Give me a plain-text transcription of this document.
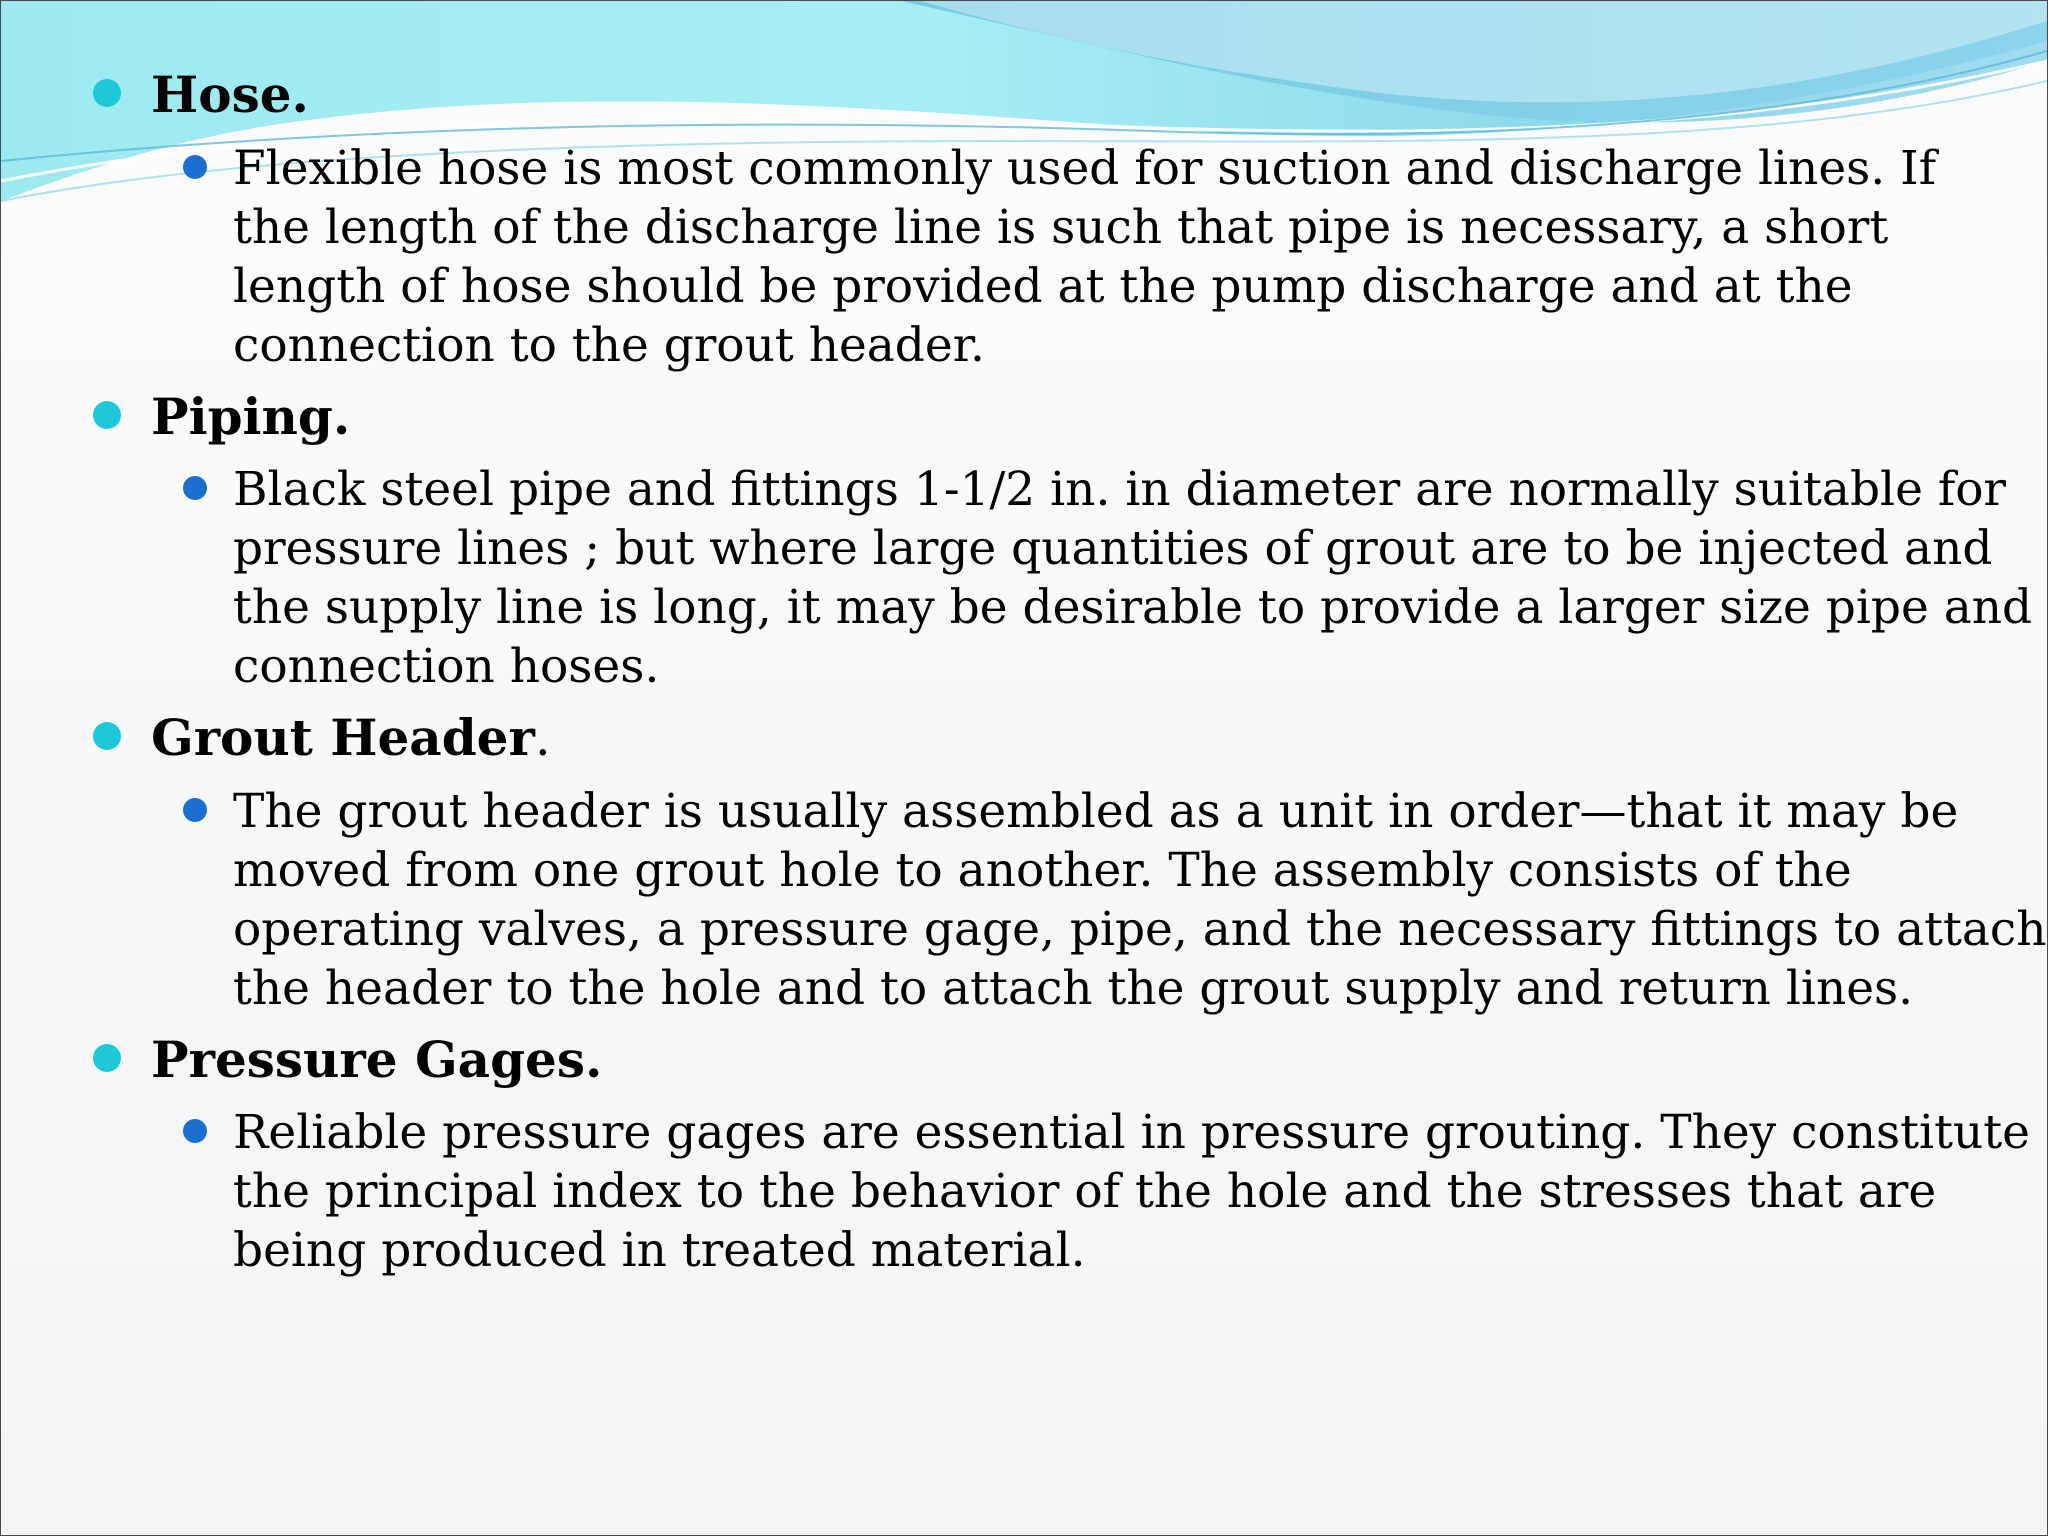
Hose.
Flexible hose is most commonly used for suction and discharge lines. If
the length of the discharge line is such that pipe is necessary, a short
length of hose should be provided at the pump discharge and at the
connection to the grout header.
Piping.
Black steel pipe and fittings 1-1/2 in. in diameter are normally suitable for
pressure lines ; but where large quantities of grout are to be injected and
the supply line is long, it may be desirable to provide a larger size pipe and
connection hoses.
Grout Header.
The grout header is usually assembled as a unit in order—that it may be
moved from one grout hole to another. The assembly consists of the
operating valves, a pressure gage, pipe, and the necessary fittings to attach
the header to the hole and to attach the grout supply and return lines.
Pressure Gages.
Reliable pressure gages are essential in pressure grouting. They constitute
the principal index to the behavior of the hole and the stresses that are
being produced in treated material.
